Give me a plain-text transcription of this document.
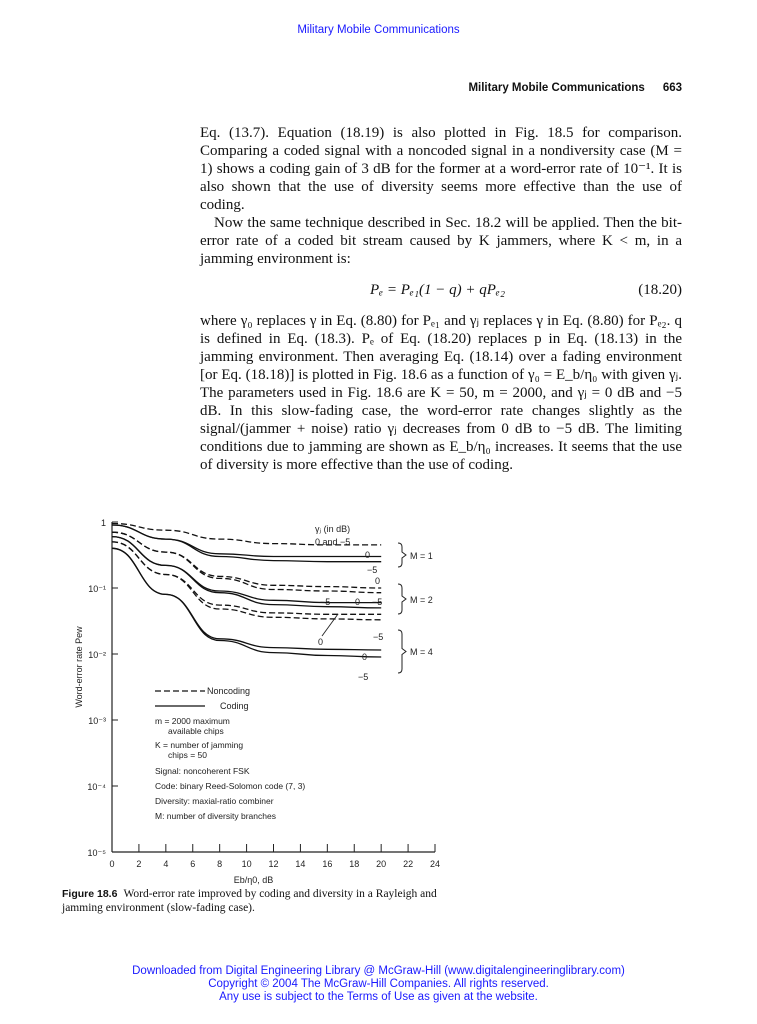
Military Mobile Communications
Military Mobile Communications 663

Eq. (13.7). Equation (18.19) is also plotted in Fig. 18.5 for comparison. Comparing a coded signal with a noncoded signal in a nondiversity case (M = 1) shows a coding gain of 3 dB for the former at a word-error rate of 10⁻¹. It is also shown that the use of diversity seems more effective than the use of coding.

Now the same technique described in Sec. 18.2 will be applied. Then the bit-error rate of a coded bit stream caused by K jammers, where K < m, in a jamming environment is:

Pₑ = Pₑ₁(1 − q) + qPₑ₂	(18.20)

where γ₀ replaces γ in Eq. (8.80) for Pₑ₁ and γⱼ replaces γ in Eq. (8.80) for Pₑ₂. q is defined in Eq. (18.3). Pₑ of Eq. (18.20) replaces p in Eq. (18.13) in the jamming environment. Then averaging Eq. (18.14) over a fading environment [or Eq. (18.18)] is plotted in Fig. 18.6 as a function of γ₀ = E_b/η₀ with given γⱼ. The parameters used in Fig. 18.6 are K = 50, m = 2000, and γⱼ = 0 dB and −5 dB. In this slow-fading case, the word-error rate changes slightly as the signal/(jammer + noise) ratio γⱼ decreases from 0 dB to −5 dB. The limiting conditions due to jamming are shown as E_b/η₀ increases. It seems that the use of diversity is more effective than the use of coding.

1
10⁻¹
10⁻²
10⁻³
10⁻⁴
10⁻⁵
0 2 4 6 8 10 12 14 16 18 20 22 24
Eb/η0, dB
Word-error rate Pew
γⱼ (in dB)
0 and −5
0
−5
0
−5	0 −5
−5
0
0
−5
M = 1
M = 2
M = 4
Noncoding
Coding
m = 2000 maximum
available chips
K = number of jamming
chips = 50
Signal: noncoherent FSK
Code: binary Reed-Solomon code (7, 3)
Diversity: maxial-ratio combiner
M: number of diversity branches
Figure 18.6 Word-error rate improved by coding and diversity in a Rayleigh and jamming environment (slow-fading case).
Downloaded from Digital Engineering Library @ McGraw-Hill (www.digitalengineeringlibrary.com)
Copyright © 2004 The McGraw-Hill Companies. All rights reserved.
Any use is subject to the Terms of Use as given at the website.
